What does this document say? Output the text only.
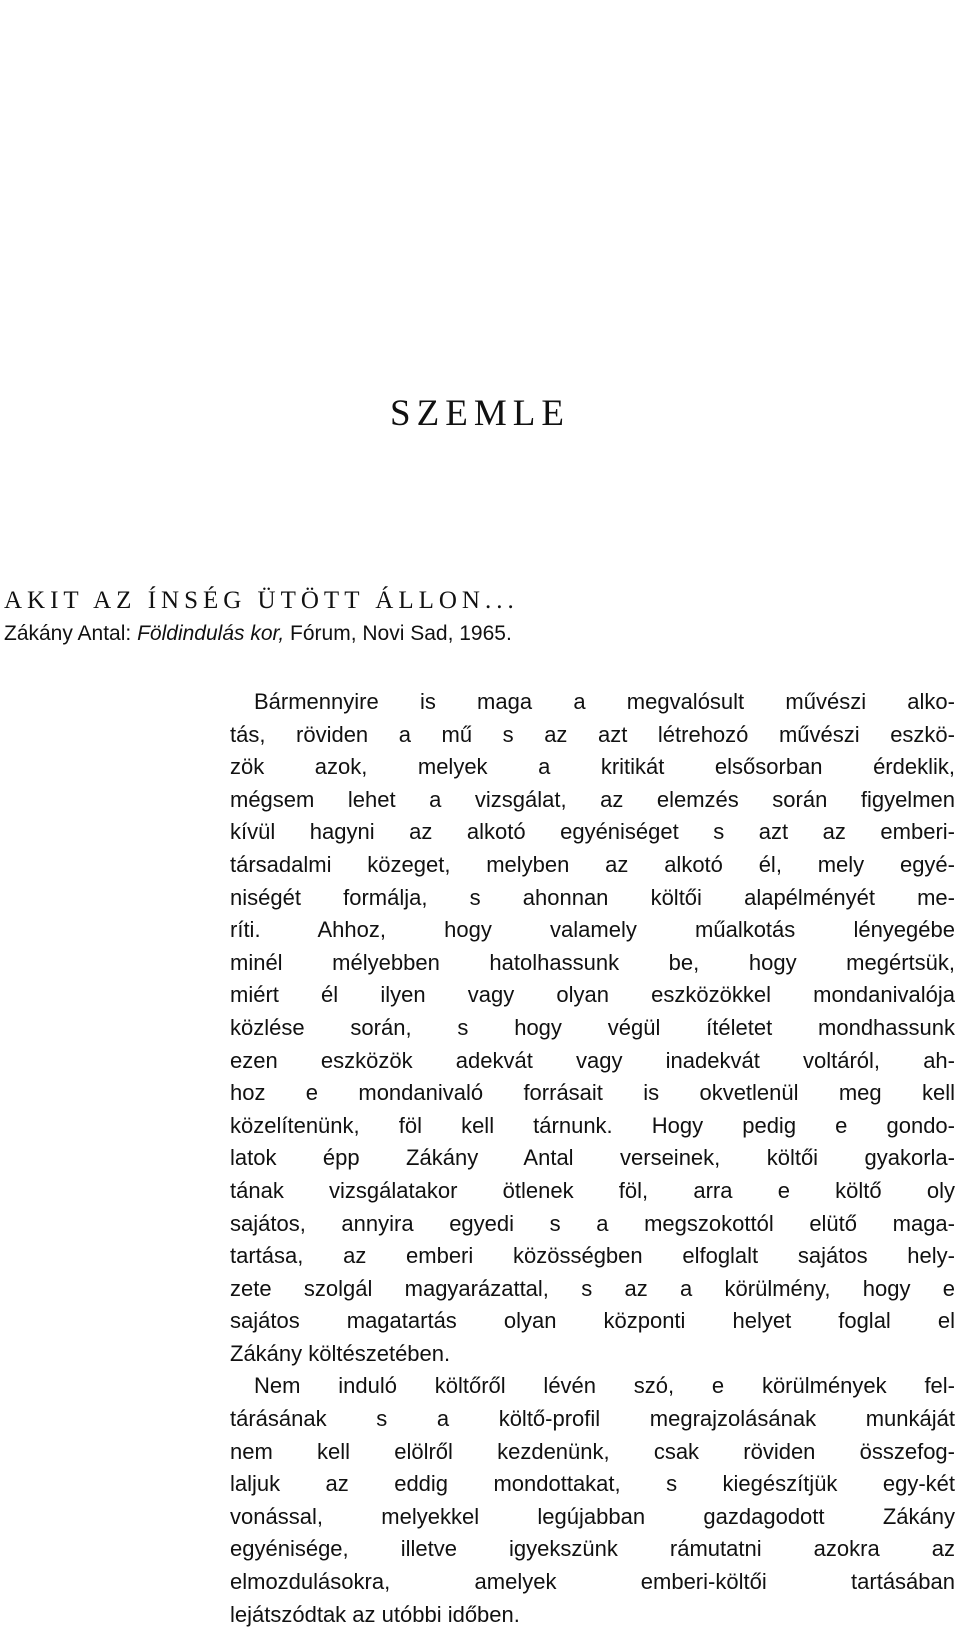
SZEMLE
AKIT AZ ÍNSÉG ÜTÖTT ÁLLON...

Zákány Antal: Földindulás kor, Fórum, Novi Sad, 1965.

Bármennyire is maga a megvalósult művészi alko-
tás, röviden a mű s az azt létrehozó művészi eszkö-
zök azok, melyek a kritikát elsősorban érdeklik,
mégsem lehet a vizsgálat, az elemzés során figyelmen
kívül hagyni az alkotó egyéniséget s azt az emberi-
társadalmi közeget, melyben az alkotó él, mely egyé-
niségét formálja, s ahonnan költői alapélményét me-
ríti. Ahhoz, hogy valamely műalkotás lényegébe
minél mélyebben hatolhassunk be, hogy megértsük,
miért él ilyen vagy olyan eszközökkel mondanivalója
közlése során, s hogy végül ítéletet mondhassunk
ezen eszközök adekvát vagy inadekvát voltáról, ah-
hoz e mondanivaló forrásait is okvetlenül meg kell
közelítenünk, föl kell tárnunk. Hogy pedig e gondo-
latok épp Zákány Antal verseinek, költői gyakorla-
tának vizsgálatakor ötlenek föl, arra e költő oly
sajátos, annyira egyedi s a megszokottól elütő maga-
tartása, az emberi közösségben elfoglalt sajátos hely-
zete szolgál magyarázattal, s az a körülmény, hogy e
sajátos magatartás olyan központi helyet foglal el
Zákány költészetében.
Nem induló költőről lévén szó, e körülmények fel-
tárásának s a költő-profil megrajzolásának munkáját
nem kell elölről kezdenünk, csak röviden összefog-
laljuk az eddig mondottakat, s kiegészítjük egy-két
vonással, melyekkel legújabban gazdagodott Zákány
egyénisége, illetve igyekszünk rámutatni azokra az
elmozdulásokra, amelyek emberi-költői tartásában
lejátszódtak az utóbbi időben.
